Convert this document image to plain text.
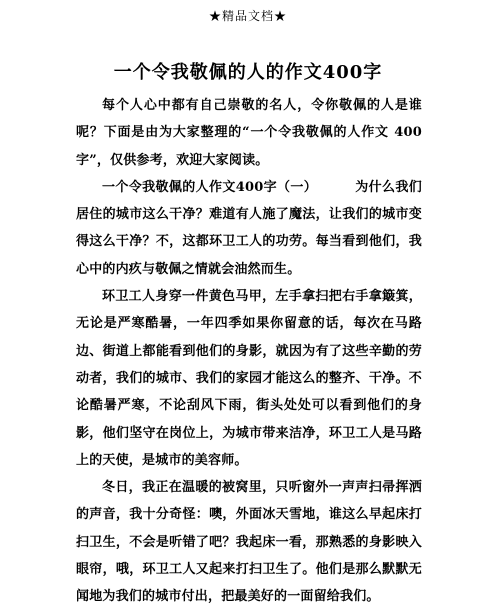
★精品文档★
一个令我敬佩的人的作文400字

每个人心中都有自己崇敬的名人，令你敬佩的人是谁呢？下面是由为大家整理的“一个令我敬佩的人作文 400字”，仅供参考，欢迎大家阅读。

一个令我敬佩的人作文400字（一）	为什么我们居住的城市这么干净？难道有人施了魔法，让我们的城市变得这么干净？不，这都环卫工人的功劳。每当看到他们，我心中的内疚与敬佩之情就会油然而生。

环卫工人身穿一件黄色马甲，左手拿扫把右手拿簸箕，无论是严寒酷暑，一年四季如果你留意的话，每次在马路边、街道上都能看到他们的身影，就因为有了这些辛勤的劳动者，我们的城市、我们的家园才能这么的整齐、干净。不论酷暑严寒，不论刮风下雨，街头处处可以看到他们的身影，他们坚守在岗位上，为城市带来洁净，环卫工人是马路上的天使，是城市的美容师。

冬日，我正在温暖的被窝里，只听窗外一声声扫帚挥洒的声音，我十分奇怪：噢，外面冰天雪地，谁这么早起床打扫卫生，不会是听错了吧？我起床一看，那熟悉的身影映入眼帘，哦，环卫工人又起来打扫卫生了。他们是那么默默无闻地为我们的城市付出，把最美好的一面留给我们。
